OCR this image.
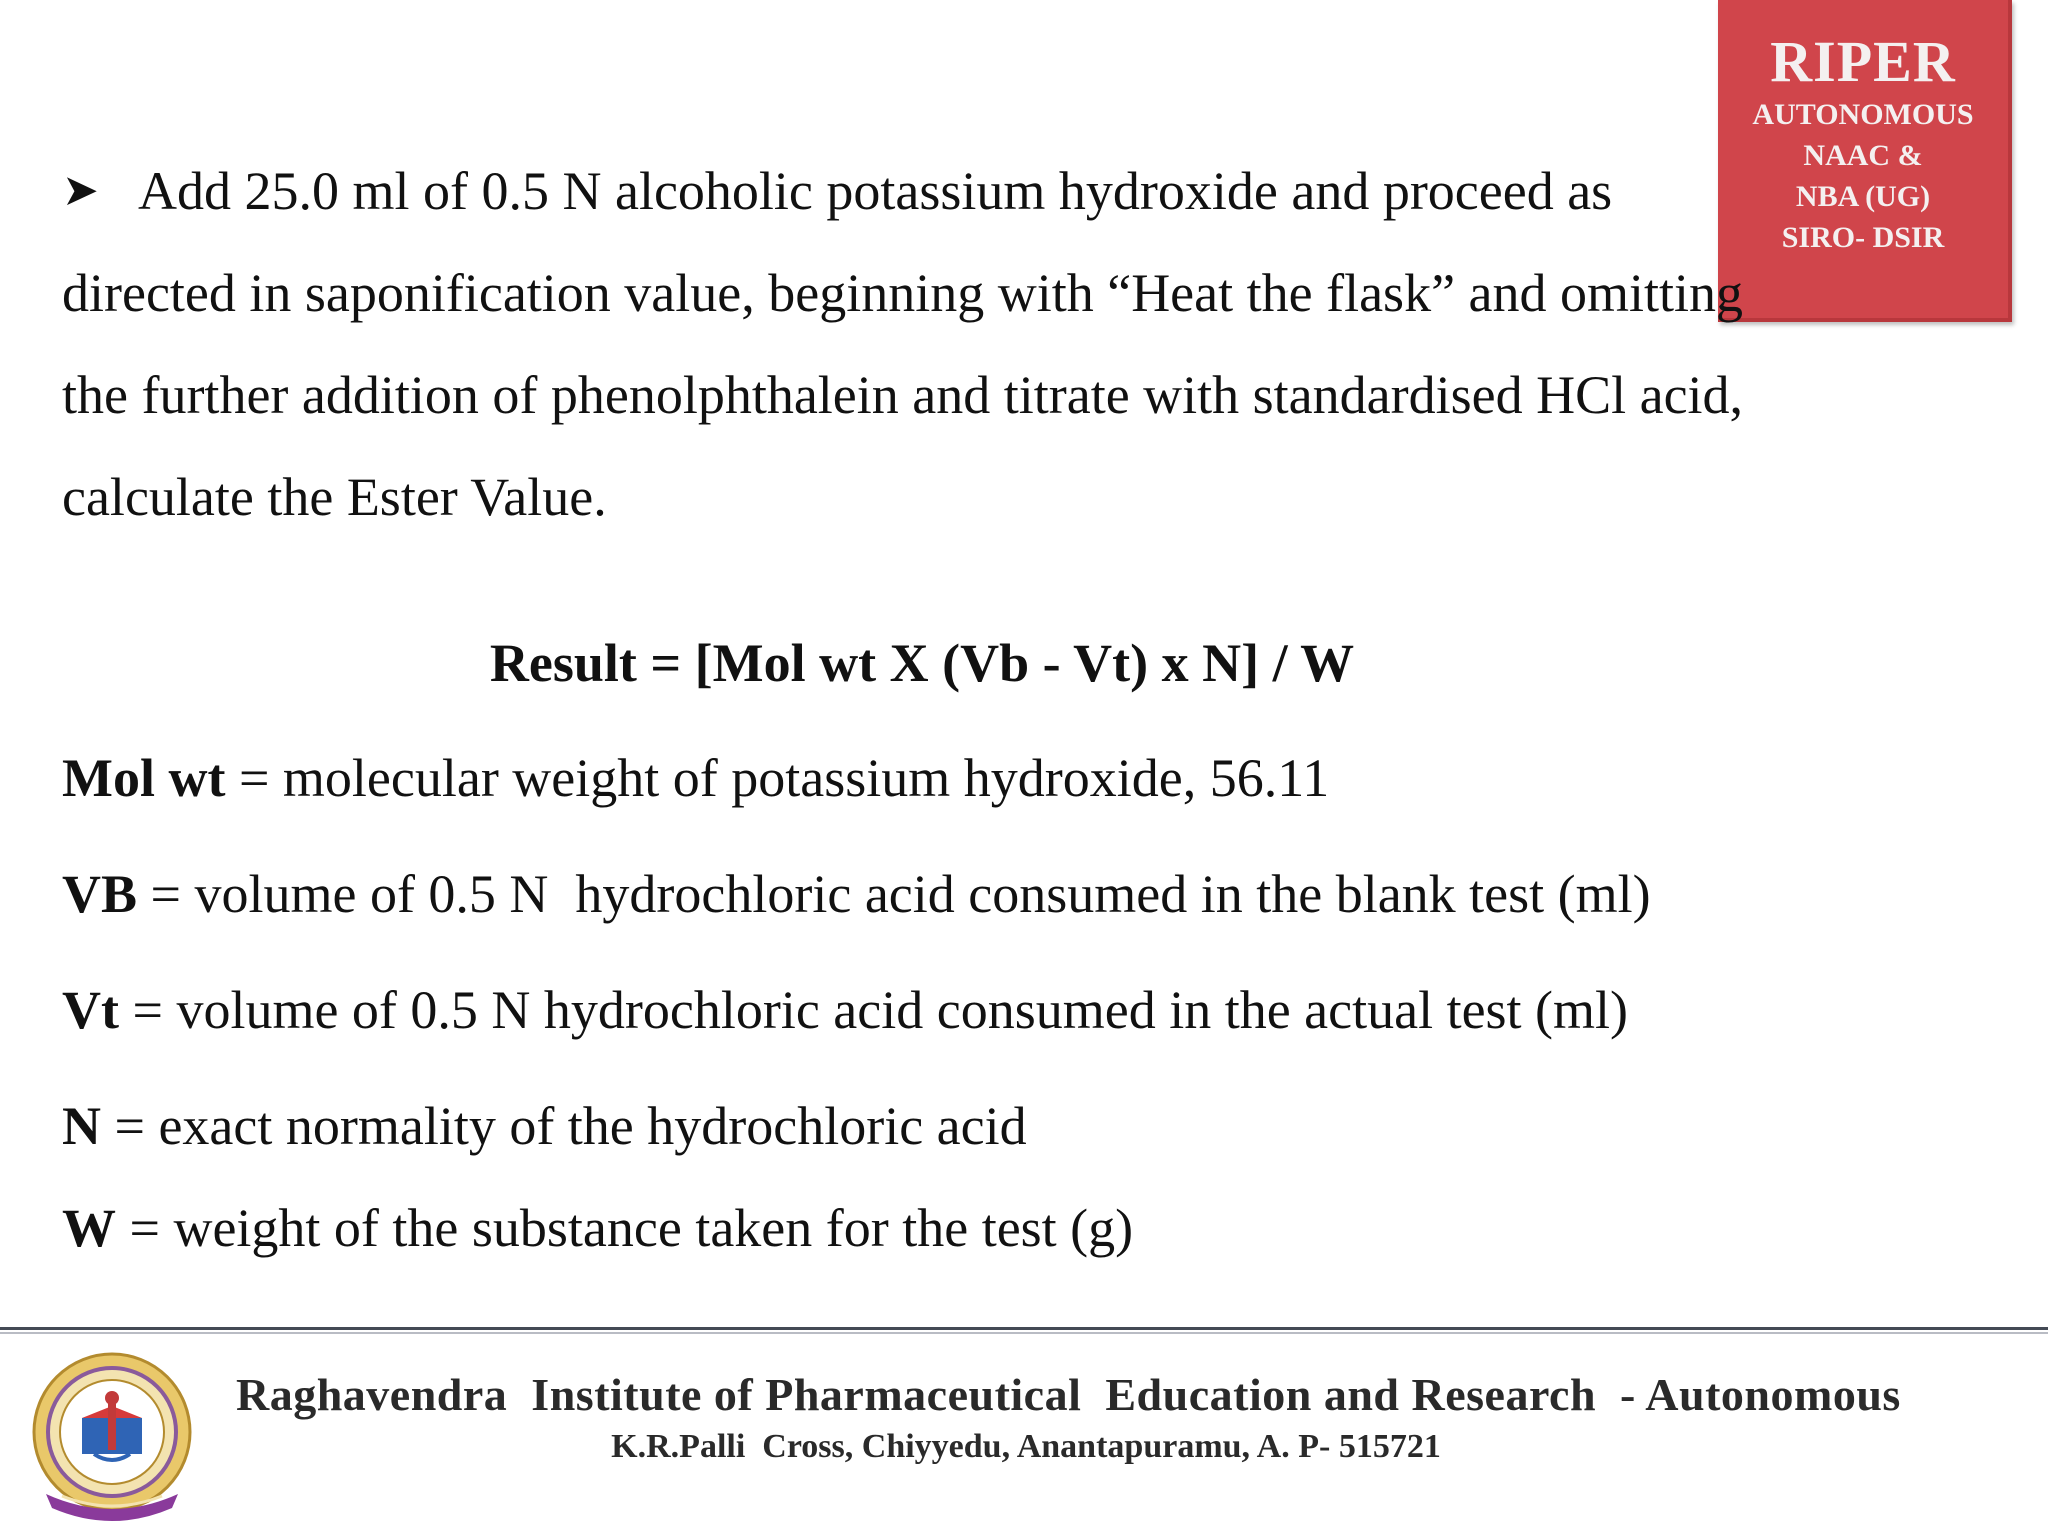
RIPER
AUTONOMOUS
NAAC &
NBA (UG)
SIRO- DSIR

➤ Add 25.0 ml of 0.5 N alcoholic potassium hydroxide and proceed as
directed in saponification value, beginning with “Heat the flask” and omitting
the further addition of phenolphthalein and titrate with standardised HCl acid,
calculate the Ester Value.

Result = [Mol wt X (Vb - Vt) x N] / W
Mol wt = molecular weight of potassium hydroxide, 56.11
VB = volume of 0.5 N  hydrochloric acid consumed in the blank test (ml)
Vt = volume of 0.5 N hydrochloric acid consumed in the actual test (ml)
N = exact normality of the hydrochloric acid
W = weight of the substance taken for the test (g)
Raghavendra  Institute of Pharmaceutical  Education and Research  - Autonomous
K.R.Palli  Cross, Chiyyedu, Anantapuramu, A. P- 515721
